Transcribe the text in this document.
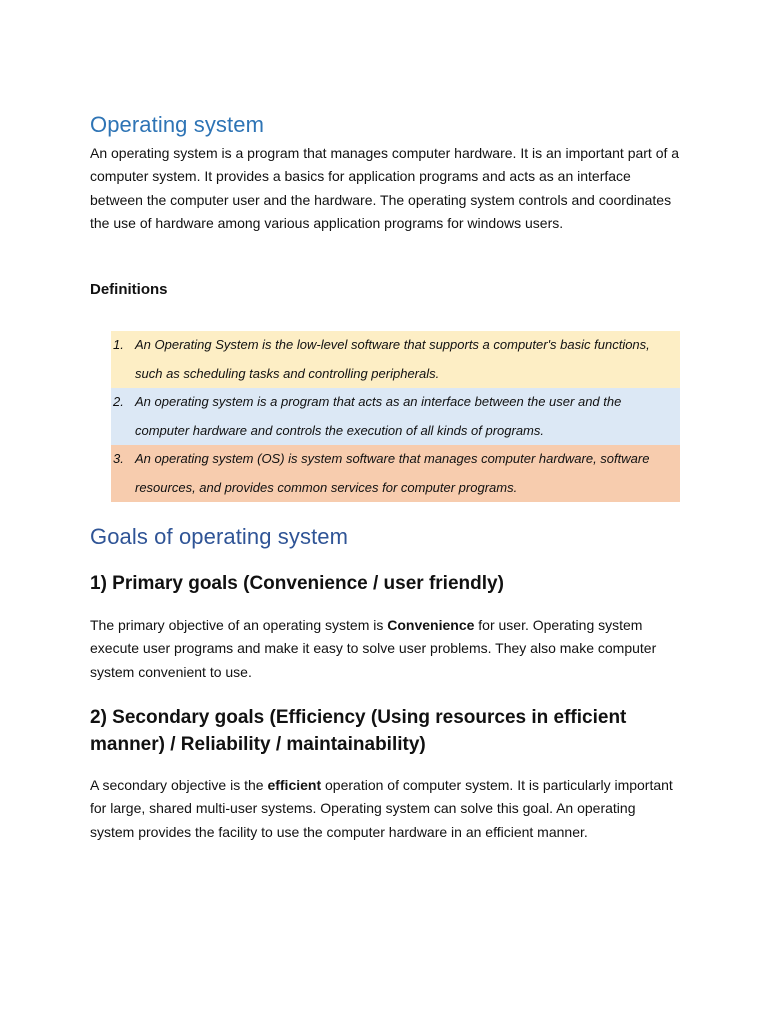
Operating system

An operating system is a program that manages computer hardware. It is an important part of a computer system. It provides a basics for application programs and acts as an interface between the computer user and the hardware. The operating system controls and coordinates the use of hardware among various application programs for windows users.

Definitions
1. An Operating System is the low-level software that supports a computer's basic functions, such as scheduling tasks and controlling peripherals.
2. An operating system is a program that acts as an interface between the user and the computer hardware and controls the execution of all kinds of programs.
3. An operating system (OS) is system software that manages computer hardware, software resources, and provides common services for computer programs.
Goals of operating system
1) Primary goals (Convenience / user friendly)

The primary objective of an operating system is Convenience for user. Operating system execute user programs and make it easy to solve user problems. They also make computer system convenient to use.

2) Secondary goals (Efficiency (Using resources in efficient manner) / Reliability / maintainability)

A secondary objective is the efficient operation of computer system. It is particularly important for large, shared multi-user systems. Operating system can solve this goal. An operating system provides the facility to use the computer hardware in an efficient manner.
